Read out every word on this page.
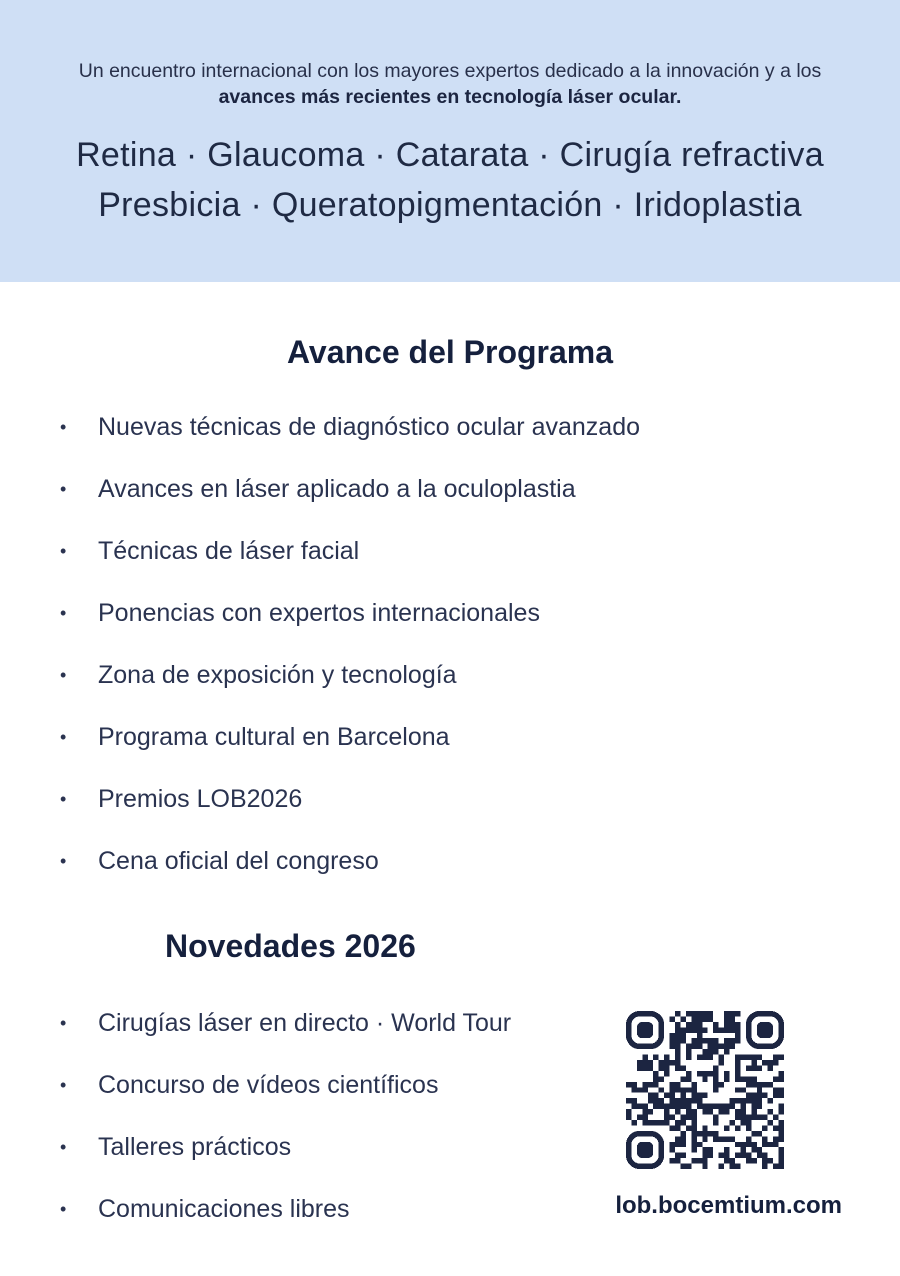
Un encuentro internacional con los mayores expertos dedicado a la innovación y a los avances más recientes en tecnología láser ocular.

Retina · Glaucoma · Catarata · Cirugía refractiva
Presbicia · Queratopigmentación · Iridoplastia
Avance del Programa
• Nuevas técnicas de diagnóstico ocular avanzado
• Avances en láser aplicado a la oculoplastia
• Técnicas de láser facial
• Ponencias con expertos internacionales
• Zona de exposición y tecnología
• Programa cultural en Barcelona
• Premios LOB2026
• Cena oficial del congreso
Novedades 2026
• Cirugías láser en directo · World Tour
• Concurso de vídeos científicos
• Talleres prácticos
• Comunicaciones libres	lob.bocemtium.com
